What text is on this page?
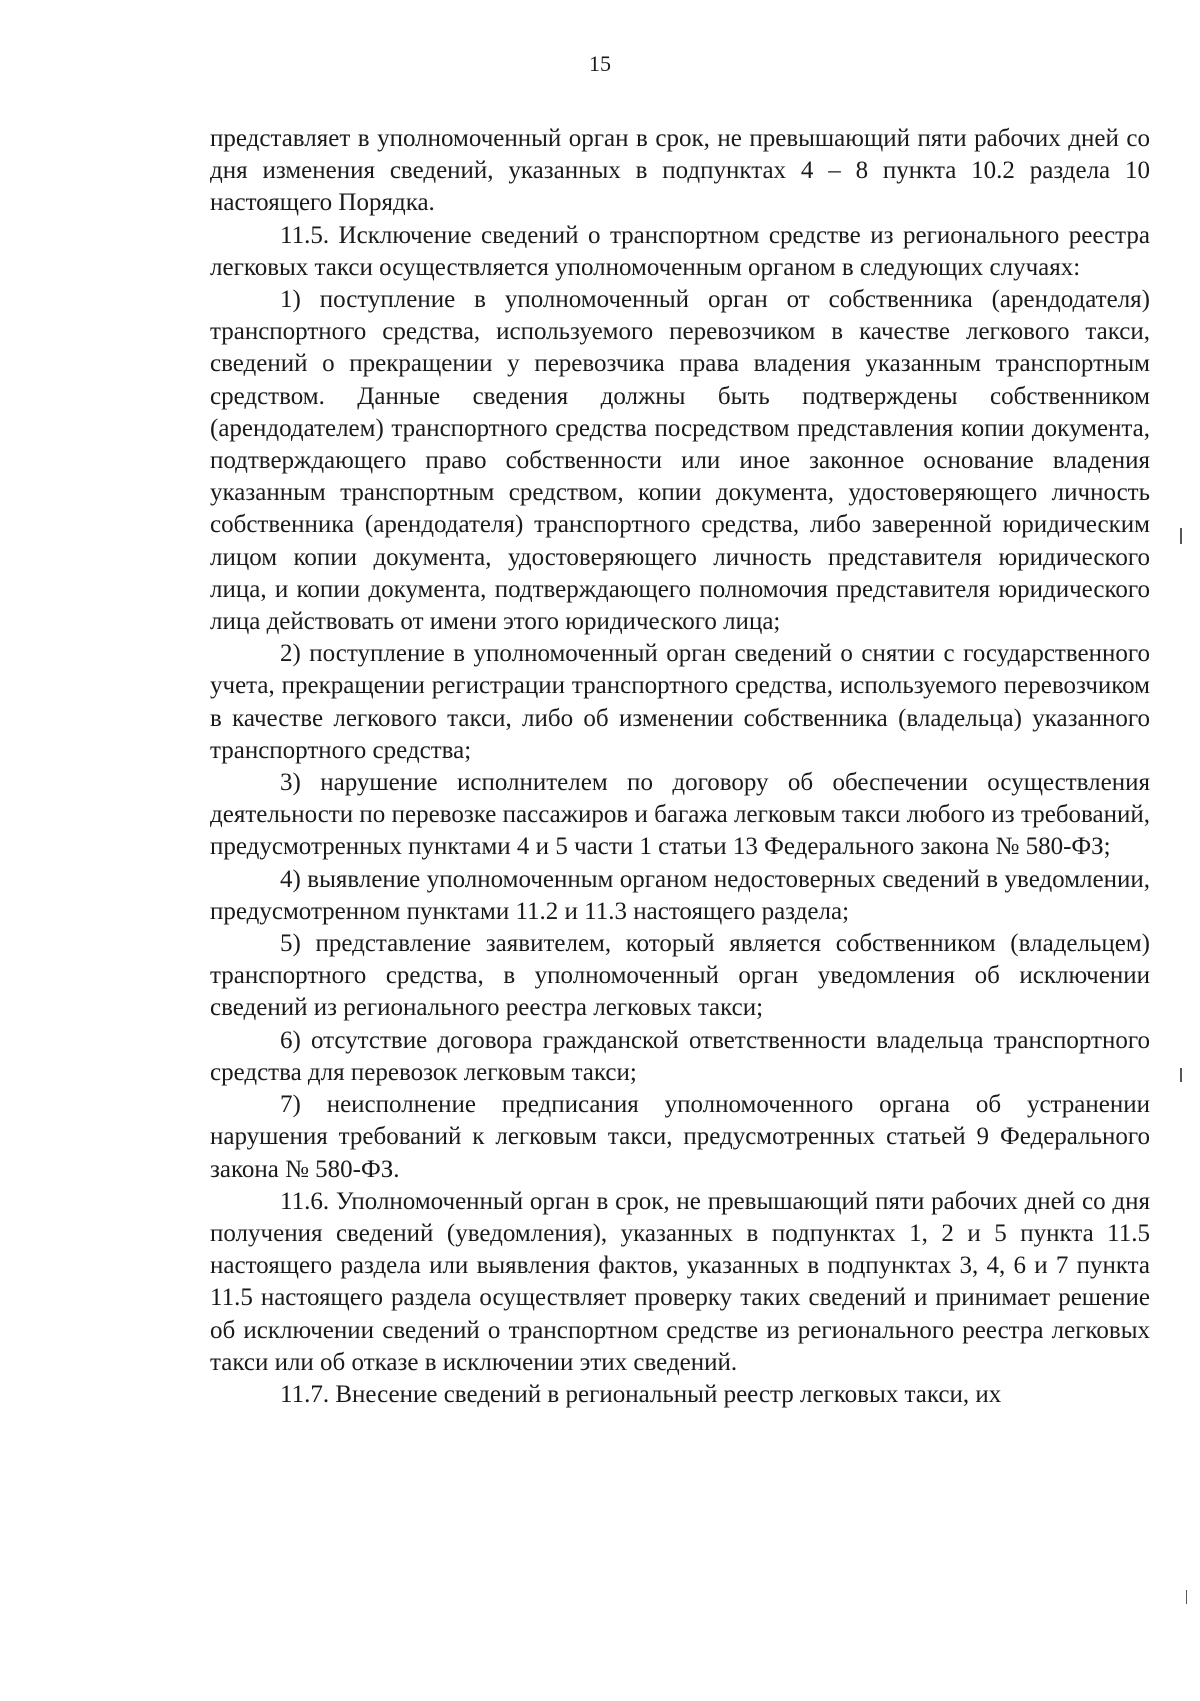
15

представляет в уполномоченный орган в срок, не превышающий пяти рабочих дней со дня изменения сведений, указанных в подпунктах 4 – 8 пункта 10.2 раздела 10 настоящего Порядка.

11.5. Исключение сведений о транспортном средстве из регионального реестра легковых такси осуществляется уполномоченным органом в следующих случаях:

1) поступление в уполномоченный орган от собственника (арендодателя) транспортного средства, используемого перевозчиком в качестве легкового такси, сведений о прекращении у перевозчика права владения указанным транспортным средством. Данные сведения должны быть подтверждены собственником (арендодателем) транспортного средства посредством представления копии документа, подтверждающего право собственности или иное законное основание владения указанным транспортным средством, копии документа, удостоверяющего личность собственника (арендодателя) транспортного средства, либо заверенной юридическим лицом копии документа, удостоверяющего личность представителя юридического лица, и копии документа, подтверждающего полномочия представителя юридического лица действовать от имени этого юридического лица;

2) поступление в уполномоченный орган сведений о снятии с государственного учета, прекращении регистрации транспортного средства, используемого перевозчиком в качестве легкового такси, либо об изменении собственника (владельца) указанного транспортного средства;

3) нарушение исполнителем по договору об обеспечении осуществления деятельности по перевозке пассажиров и багажа легковым такси любого из требований, предусмотренных пунктами 4 и 5 части 1 статьи 13 Федерального закона № 580-ФЗ;

4) выявление уполномоченным органом недостоверных сведений в уведомлении, предусмотренном пунктами 11.2 и 11.3 настоящего раздела;

5) представление заявителем, который является собственником (владельцем) транспортного средства, в уполномоченный орган уведомления об исключении сведений из регионального реестра легковых такси;

6) отсутствие договора гражданской ответственности владельца транспортного средства для перевозок легковым такси;

7) неисполнение предписания уполномоченного органа об устранении нарушения требований к легковым такси, предусмотренных статьей 9 Федерального закона № 580-ФЗ.

11.6. Уполномоченный орган в срок, не превышающий пяти рабочих дней со дня получения сведений (уведомления), указанных в подпунктах 1, 2 и 5 пункта 11.5 настоящего раздела или выявления фактов, указанных в подпунктах 3, 4, 6 и 7 пункта 11.5 настоящего раздела осуществляет проверку таких сведений и принимает решение об исключении сведений о транспортном средстве из регионального реестра легковых такси или об отказе в исключении этих сведений.

11.7. Внесение сведений в региональный реестр легковых такси, их
